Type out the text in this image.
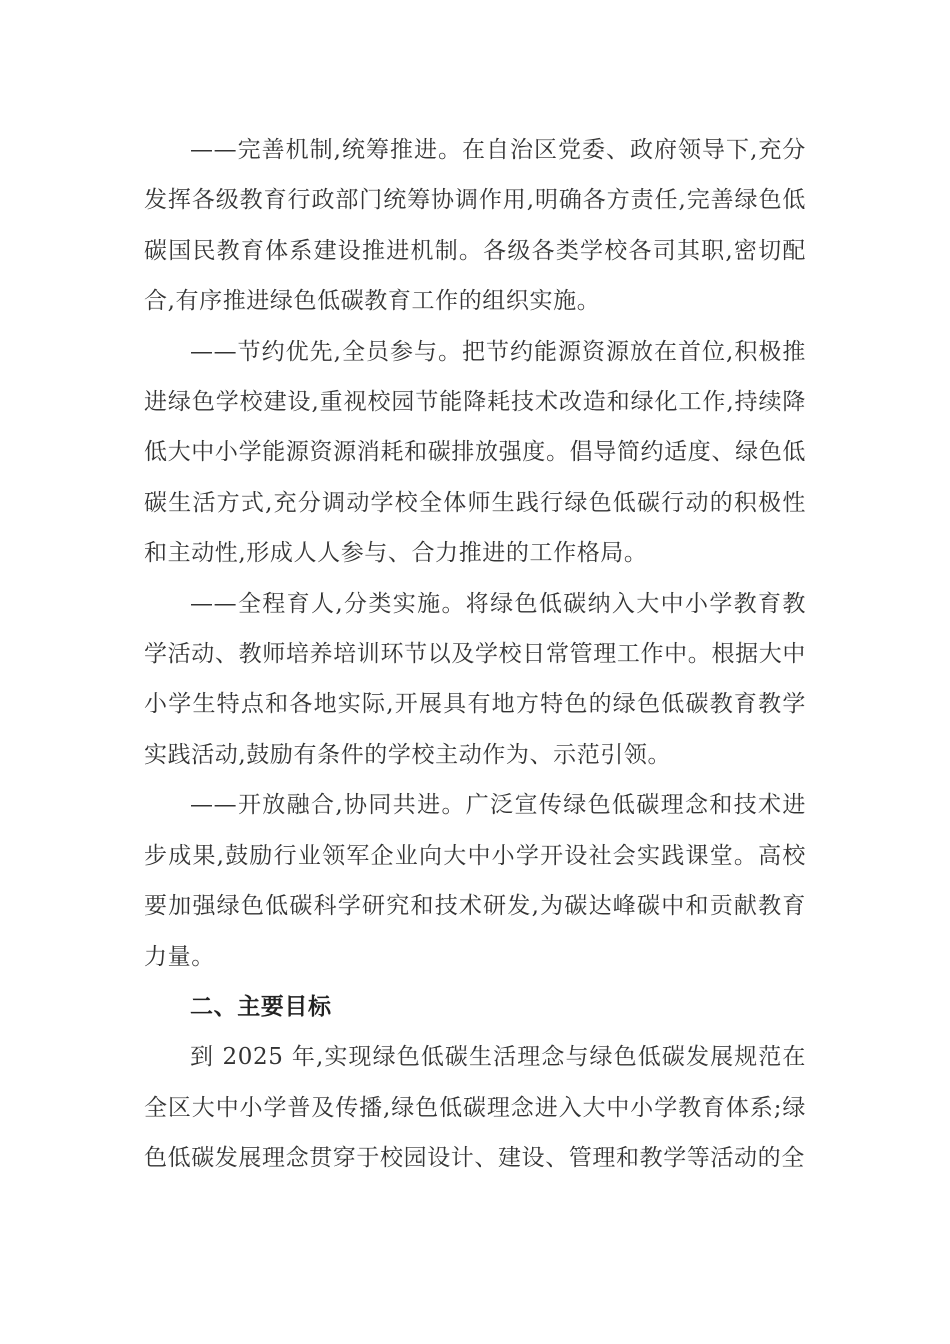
——完善机制,统筹推进。在自治区党委、政府领导下,充分发挥各级教育行政部门统筹协调作用,明确各方责任,完善绿色低碳国民教育体系建设推进机制。各级各类学校各司其职,密切配合,有序推进绿色低碳教育工作的组织实施。

——节约优先,全员参与。把节约能源资源放在首位,积极推进绿色学校建设,重视校园节能降耗技术改造和绿化工作,持续降低大中小学能源资源消耗和碳排放强度。倡导简约适度、绿色低碳生活方式,充分调动学校全体师生践行绿色低碳行动的积极性和主动性,形成人人参与、合力推进的工作格局。

——全程育人,分类实施。将绿色低碳纳入大中小学教育教学活动、教师培养培训环节以及学校日常管理工作中。根据大中小学生特点和各地实际,开展具有地方特色的绿色低碳教育教学实践活动,鼓励有条件的学校主动作为、示范引领。

——开放融合,协同共进。广泛宣传绿色低碳理念和技术进步成果,鼓励行业领军企业向大中小学开设社会实践课堂。高校要加强绿色低碳科学研究和技术研发,为碳达峰碳中和贡献教育力量。

二、主要目标

到 2025 年,实现绿色低碳生活理念与绿色低碳发展规范在全区大中小学普及传播,绿色低碳理念进入大中小学教育体系;绿色低碳发展理念贯穿于校园设计、建设、管理和教学等活动的全
